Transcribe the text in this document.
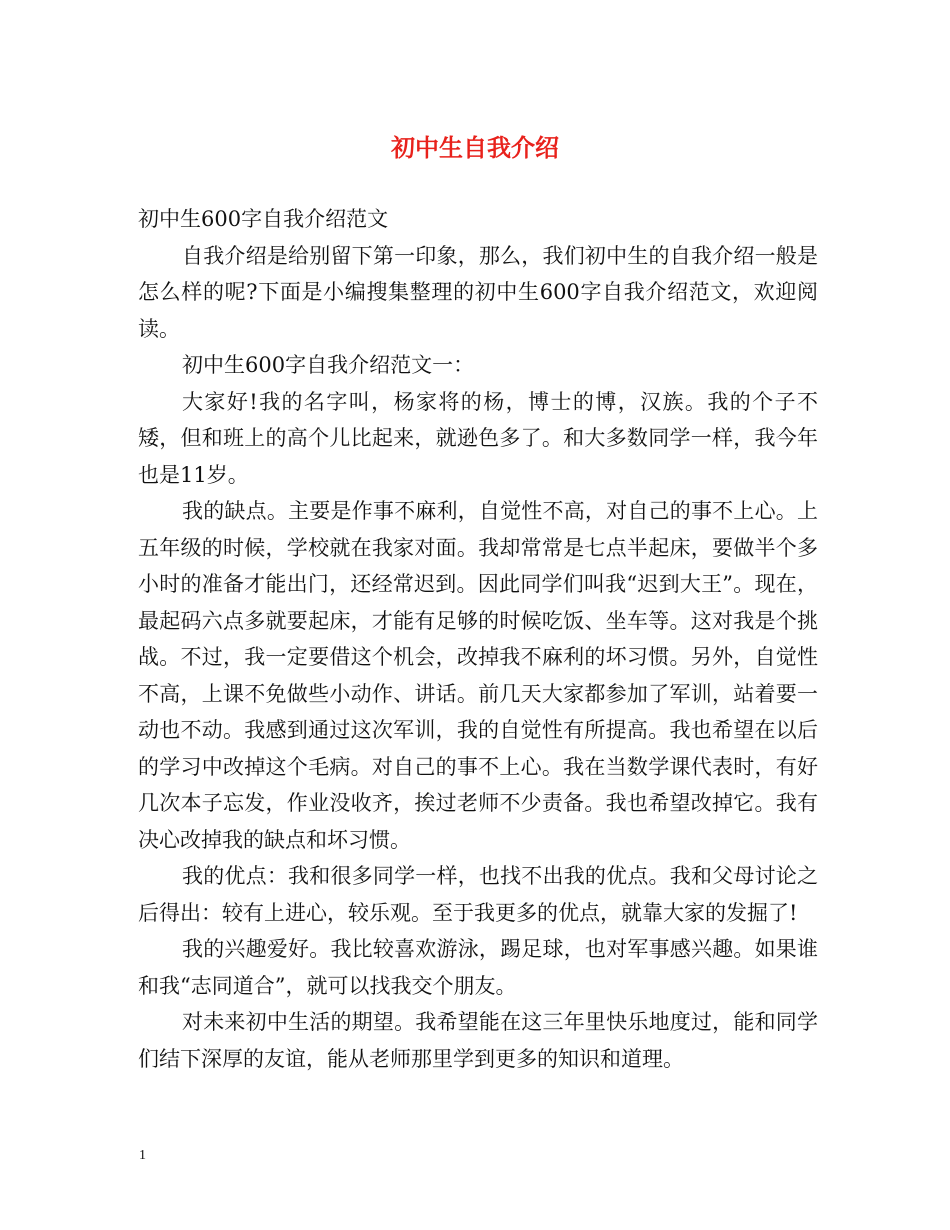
初中生自我介绍

初中生600字自我介绍范文

自我介绍是给别留下第一印象，那么，我们初中生的自我介绍一般是怎么样的呢?下面是小编搜集整理的初中生600字自我介绍范文，欢迎阅读。

初中生600字自我介绍范文一：

大家好!我的名字叫，杨家将的杨，博士的博，汉族。我的个子不矮，但和班上的高个儿比起来，就逊色多了。和大多数同学一样，我今年也是11岁。

我的缺点。主要是作事不麻利，自觉性不高，对自己的事不上心。上五年级的时候，学校就在我家对面。我却常常是七点半起床，要做半个多小时的准备才能出门，还经常迟到。因此同学们叫我“迟到大王”。现在，最起码六点多就要起床，才能有足够的时候吃饭、坐车等。这对我是个挑战。不过，我一定要借这个机会，改掉我不麻利的坏习惯。另外，自觉性不高，上课不免做些小动作、讲话。前几天大家都参加了军训，站着要一动也不动。我感到通过这次军训，我的自觉性有所提高。我也希望在以后的学习中改掉这个毛病。对自己的事不上心。我在当数学课代表时，有好几次本子忘发，作业没收齐，挨过老师不少责备。我也希望改掉它。我有决心改掉我的缺点和坏习惯。

我的优点：我和很多同学一样，也找不出我的优点。我和父母讨论之后得出：较有上进心，较乐观。至于我更多的优点，就靠大家的发掘了!

我的兴趣爱好。我比较喜欢游泳，踢足球，也对军事感兴趣。如果谁和我“志同道合”，就可以找我交个朋友。

对未来初中生活的期望。我希望能在这三年里快乐地度过，能和同学们结下深厚的友谊，能从老师那里学到更多的知识和道理。

1
